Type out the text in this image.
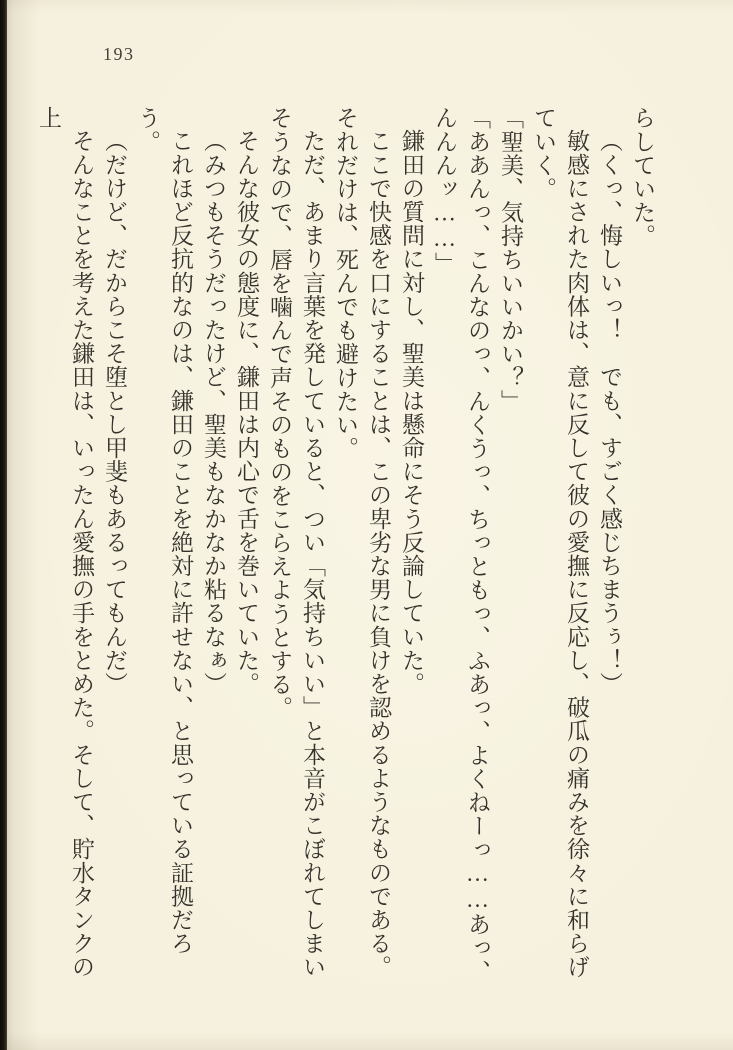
193

らしていた。

（くっ、悔しいっ！　でも、すごく感じちまうぅ！）

敏感にされた肉体は、意に反して彼の愛撫に反応し、破瓜の痛みを徐々に和らげていく。

「聖美、気持ちいいかい？」

「ああんっ、こんなのっ、んくうっ、ちっともっ、ふあっ、よくねーっ……あっ、んんんッ……」

鎌田の質問に対し、聖美は懸命にそう反論していた。

ここで快感を口にすることは、この卑劣な男に負けを認めるようなものである。それだけは、死んでも避けたい。

ただ、あまり言葉を発していると、つい「気持ちいい」と本音がこぼれてしまいそうなので、唇を噛んで声そのものをこらえようとする。

そんな彼女の態度に、鎌田は内心で舌を巻いていた。

（みつもそうだったけど、聖美もなかなか粘るなぁ）

これほど反抗的なのは、鎌田のことを絶対に許せない、と思っている証拠だろう。

（だけど、だからこそ堕とし甲斐もあるってもんだ）

そんなことを考えた鎌田は、いったん愛撫の手をとめた。そして、貯水タンクの上
